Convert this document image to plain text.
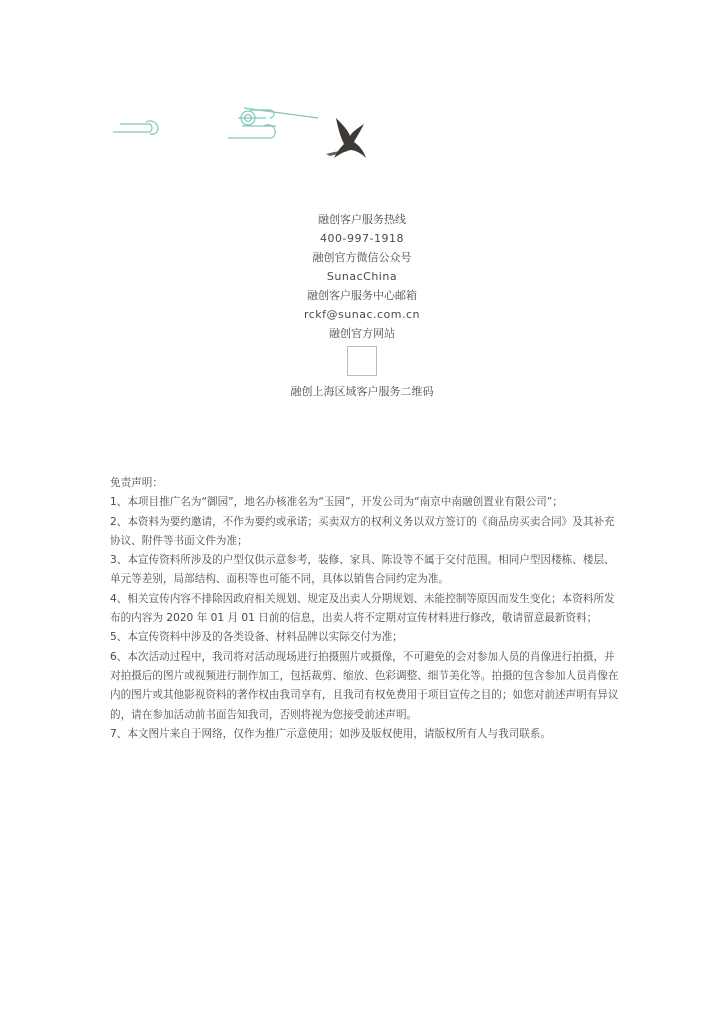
融创客户服务热线
400-997-1918
融创官方微信公众号
SunacChina
融创客户服务中心邮箱
rckf@sunac.com.cn
融创官方网站
融创上海区域客户服务二维码

免责声明：

1、本项目推广名为“御园”，地名办核准名为“玉园”，开发公司为“南京中南融创置业有限公司”；

2、本资料为要约邀请，不作为要约或承诺；买卖双方的权利义务以双方签订的《商品房买卖合同》及其补充协议、附件等书面文件为准；

3、本宣传资料所涉及的户型仅供示意参考，装修、家具、陈设等不属于交付范围。相同户型因楼栋、楼层、单元等差别，局部结构、面积等也可能不同，具体以销售合同约定为准。

4、相关宣传内容不排除因政府相关规划、规定及出卖人分期规划、未能控制等原因而发生变化；本资料所发布的内容为 2020 年 01 月 01 日前的信息，出卖人将不定期对宣传材料进行修改，敬请留意最新资料；

5、本宣传资料中涉及的各类设备、材料品牌以实际交付为准；

6、本次活动过程中，我司将对活动现场进行拍摄照片或摄像，不可避免的会对参加人员的肖像进行拍摄，并对拍摄后的图片或视频进行制作加工，包括裁剪、缩放、色彩调整、细节美化等。拍摄的包含参加人员肖像在内的图片或其他影视资料的著作权由我司享有，且我司有权免费用于项目宣传之目的；如您对前述声明有异议的，请在参加活动前书面告知我司，否则将视为您接受前述声明。

7、本文图片来自于网络，仅作为推广示意使用；如涉及版权使用，请版权所有人与我司联系。
